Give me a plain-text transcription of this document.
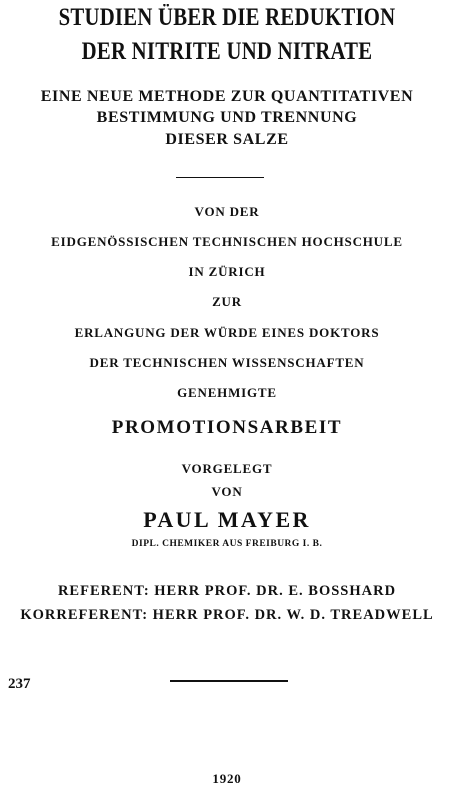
STUDIEN ÜBER DIE REDUKTION
DER NITRITE UND NITRATE
EINE NEUE METHODE ZUR QUANTITATIVEN
BESTIMMUNG UND TRENNUNG
DIESER SALZE
VON DER
EIDGENÖSSISCHEN TECHNISCHEN HOCHSCHULE
IN ZÜRICH
ZUR
ERLANGUNG DER WÜRDE EINES DOKTORS
DER TECHNISCHEN WISSENSCHAFTEN
GENEHMIGTE
PROMOTIONSARBEIT
VORGELEGT
VON
PAUL MAYER
DIPL. CHEMIKER AUS FREIBURG I. B.
REFERENT: HERR PROF. DR. E. BOSSHARD
KORREFERENT: HERR PROF. DR. W. D. TREADWELL
237
1920
